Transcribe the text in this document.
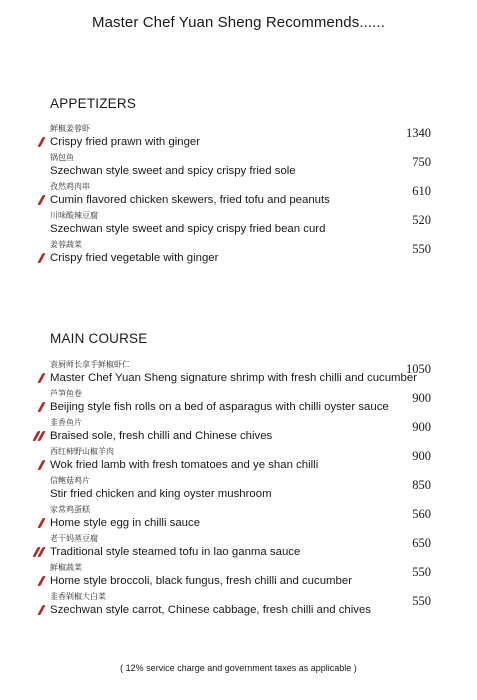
Master Chef Yuan Sheng Recommends......
APPETIZERS
鲜椒姜蓉虾
Crispy fried prawn with ginger
1340
锅包鱼
Szechwan style sweet and spicy crispy fried sole
750
孜然鸡肉串
Cumin flavored chicken skewers, fried tofu and peanuts
610
川味酸辣豆腐
Szechwan style sweet and spicy crispy fried bean curd
520
姜蓉蔬菜
Crispy fried vegetable with ginger
550
MAIN COURSE
袁厨师长拿手鲜椒虾仁
Master Chef Yuan Sheng signature shrimp with fresh chilli and cucumber
1050
芦笋鱼卷
Beijing style fish rolls on a bed of asparagus with chilli oyster sauce
900
韭香鱼片
Braised sole, fresh chilli and Chinese chives
900
西红柿野山椒羊肉
Wok fried lamb with fresh tomatoes and ye shan chilli
900
信鲍菇鸡片
Stir fried chicken and king oyster mushroom
850
家常鸡蛋糕
Home style egg in chilli sauce
560
老干妈蒸豆腐
Traditional style steamed tofu in lao ganma sauce
650
鲜椒蔬菜
Home style broccoli, black fungus, fresh chilli and cucumber
550
韭香剁椒大白菜
Szechwan style carrot, Chinese cabbage, fresh chilli and chives
550
( 12% service charge and government taxes as applicable )
